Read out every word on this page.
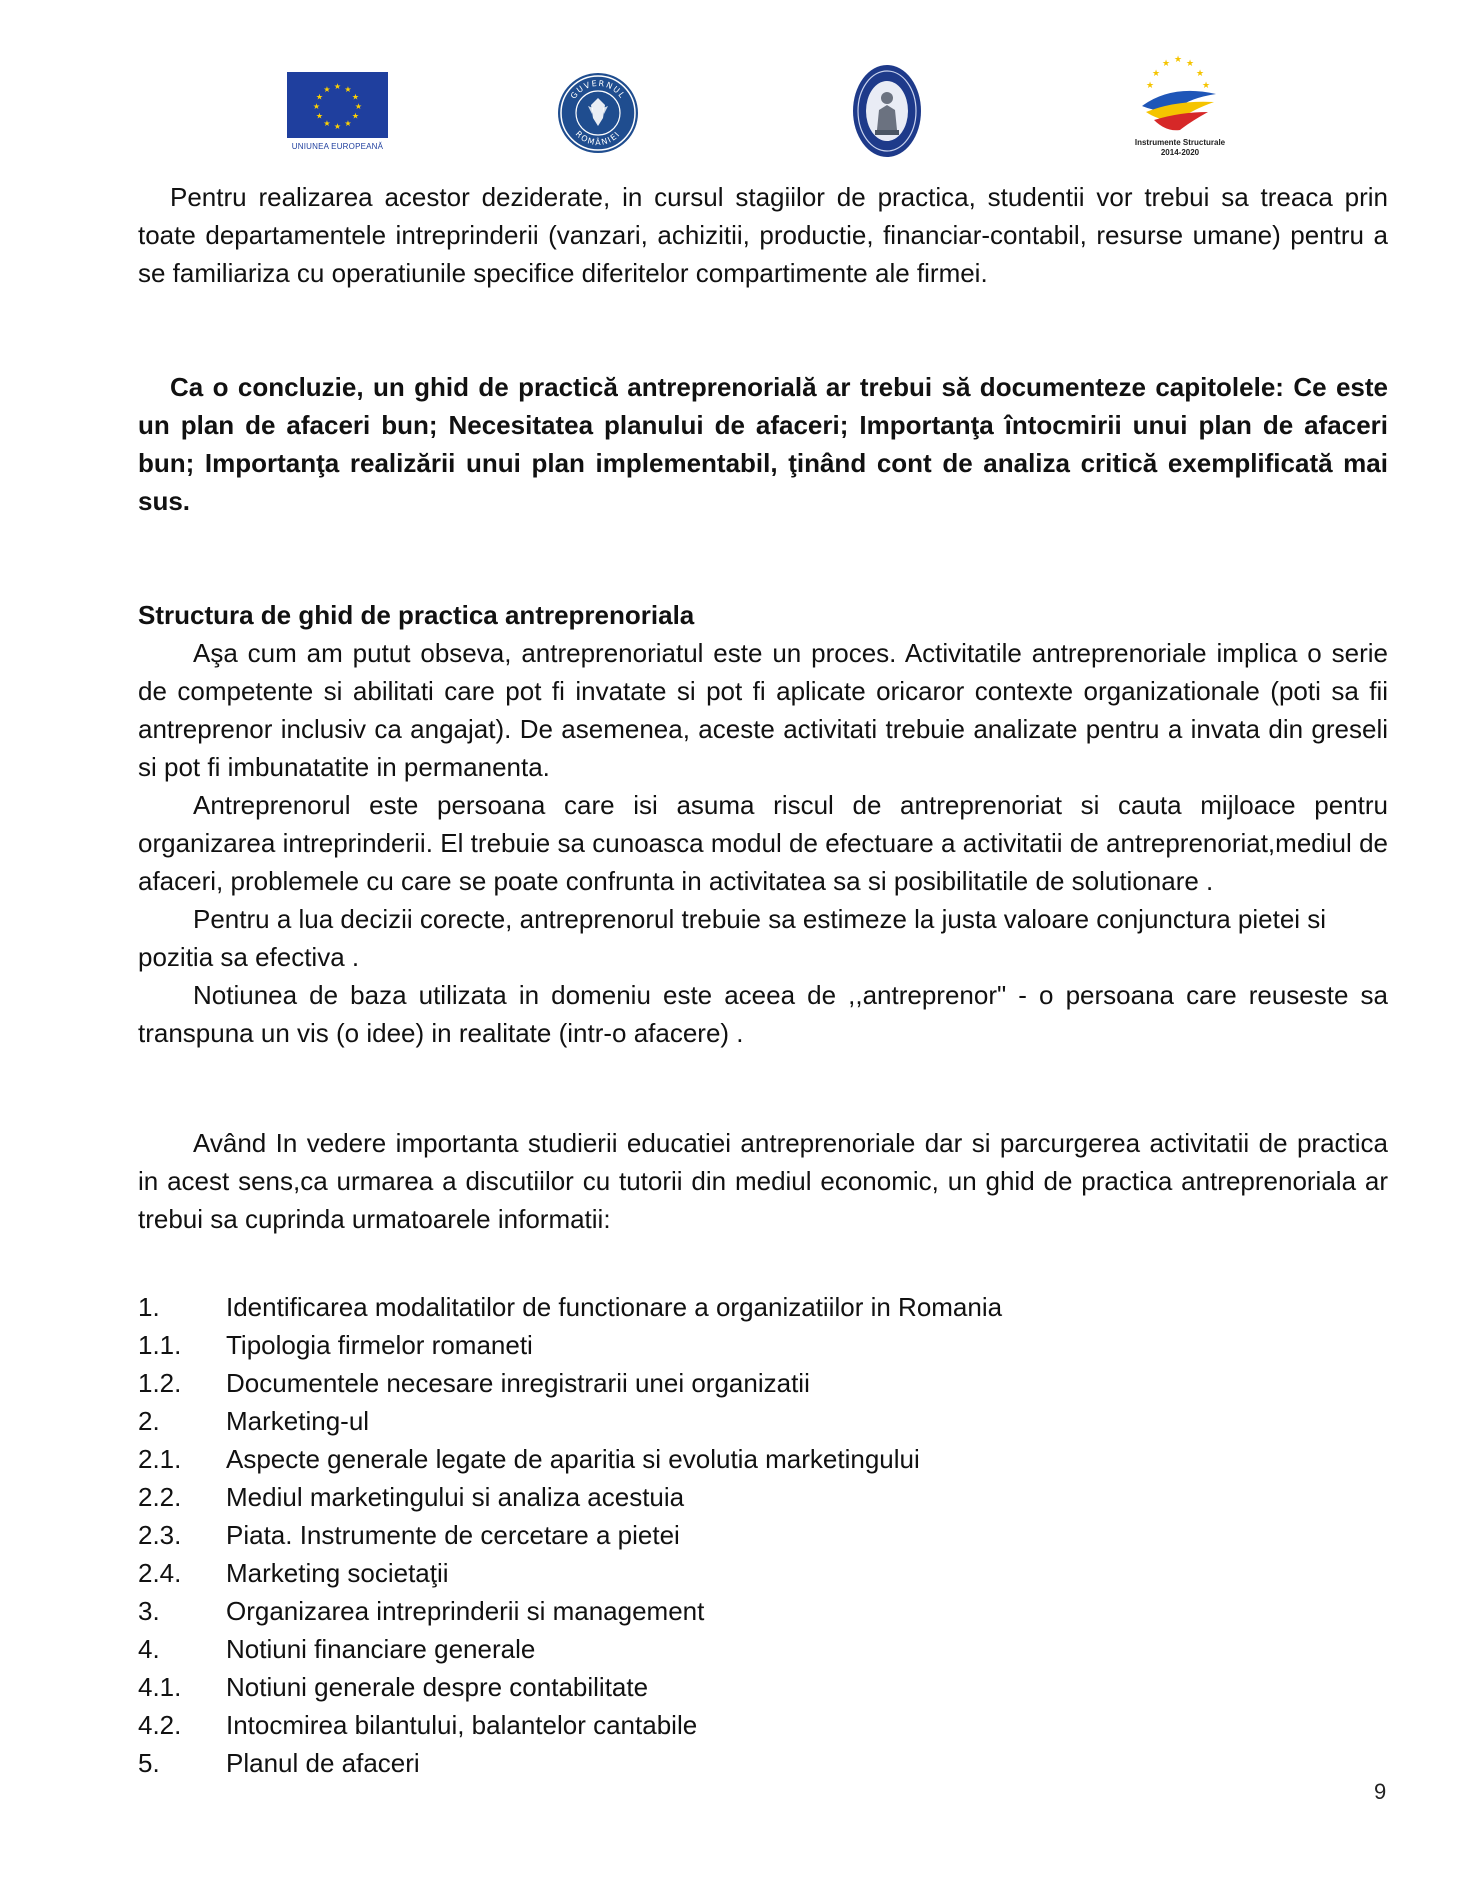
★ ★
★
★
★
★
★
★
★
★
★
★
UNIUNEA EUROPEANĂ
GUVERNUL
ROMÂNIEI
★
★ ★ ★
★
★
★
Instrumente Structurale
2014-2020

Pentru realizarea acestor deziderate, in cursul stagiilor de practica, studentii vor trebui sa treaca prin toate departamentele intreprinderii (vanzari, achizitii, productie, financiar-contabil, resurse umane) pentru a se familiariza cu operatiunile specifice diferitelor compartimente ale firmei.

Ca o concluzie, un ghid de practică antreprenorială ar trebui să documenteze capitolele: Ce este un plan de afaceri bun; Necesitatea planului de afaceri; Importanţa întocmirii unui plan de afaceri bun; Importanţa realizării unui plan implementabil, ţinând cont de analiza critică exemplificată mai sus.

Structura de ghid de practica antreprenoriala

Aşa cum am putut obseva, antreprenoriatul este un proces. Activitatile antreprenoriale implica o serie de competente si abilitati care pot fi invatate si pot fi aplicate oricaror contexte organizationale (poti sa fii antreprenor inclusiv ca angajat). De asemenea, aceste activitati trebuie analizate pentru a invata din greseli si pot fi imbunatatite in permanenta.

Antreprenorul este persoana care isi asuma riscul de antreprenoriat si cauta mijloace pentru organizarea intreprinderii. El trebuie sa cunoasca modul de efectuare a activitatii de antreprenoriat,mediul de afaceri, problemele cu care se poate confrunta in activitatea sa si posibilitatile de solutionare .

Pentru a lua decizii corecte, antreprenorul trebuie sa estimeze la justa valoare conjunctura pietei si pozitia sa efectiva .

Notiunea de baza utilizata in domeniu este aceea de ,,antreprenor" - o persoana care reuseste sa transpuna un vis (o idee) in realitate (intr-o afacere) .

Având In vedere importanta studierii educatiei antreprenoriale dar si parcurgerea activitatii de practica in acest sens,ca urmarea a discutiilor cu tutorii din mediul economic, un ghid de practica antreprenoriala ar trebui sa cuprinda urmatoarele informatii:

1.	Identificarea modalitatilor de functionare a organizatiilor in Romania
1.1.	Tipologia firmelor romaneti
1.2.	Documentele necesare inregistrarii unei organizatii
2.	Marketing-ul
2.1.	Aspecte generale legate de aparitia si evolutia marketingului
2.2.	Mediul marketingului si analiza acestuia
2.3.	Piata. Instrumente de cercetare a pietei
2.4.	Marketing societaţii
3.	Organizarea intreprinderii si management
4.	Notiuni financiare generale
4.1.	Notiuni generale despre contabilitate
4.2.	Intocmirea bilantului, balantelor cantabile
5.	Planul de afaceri
9
